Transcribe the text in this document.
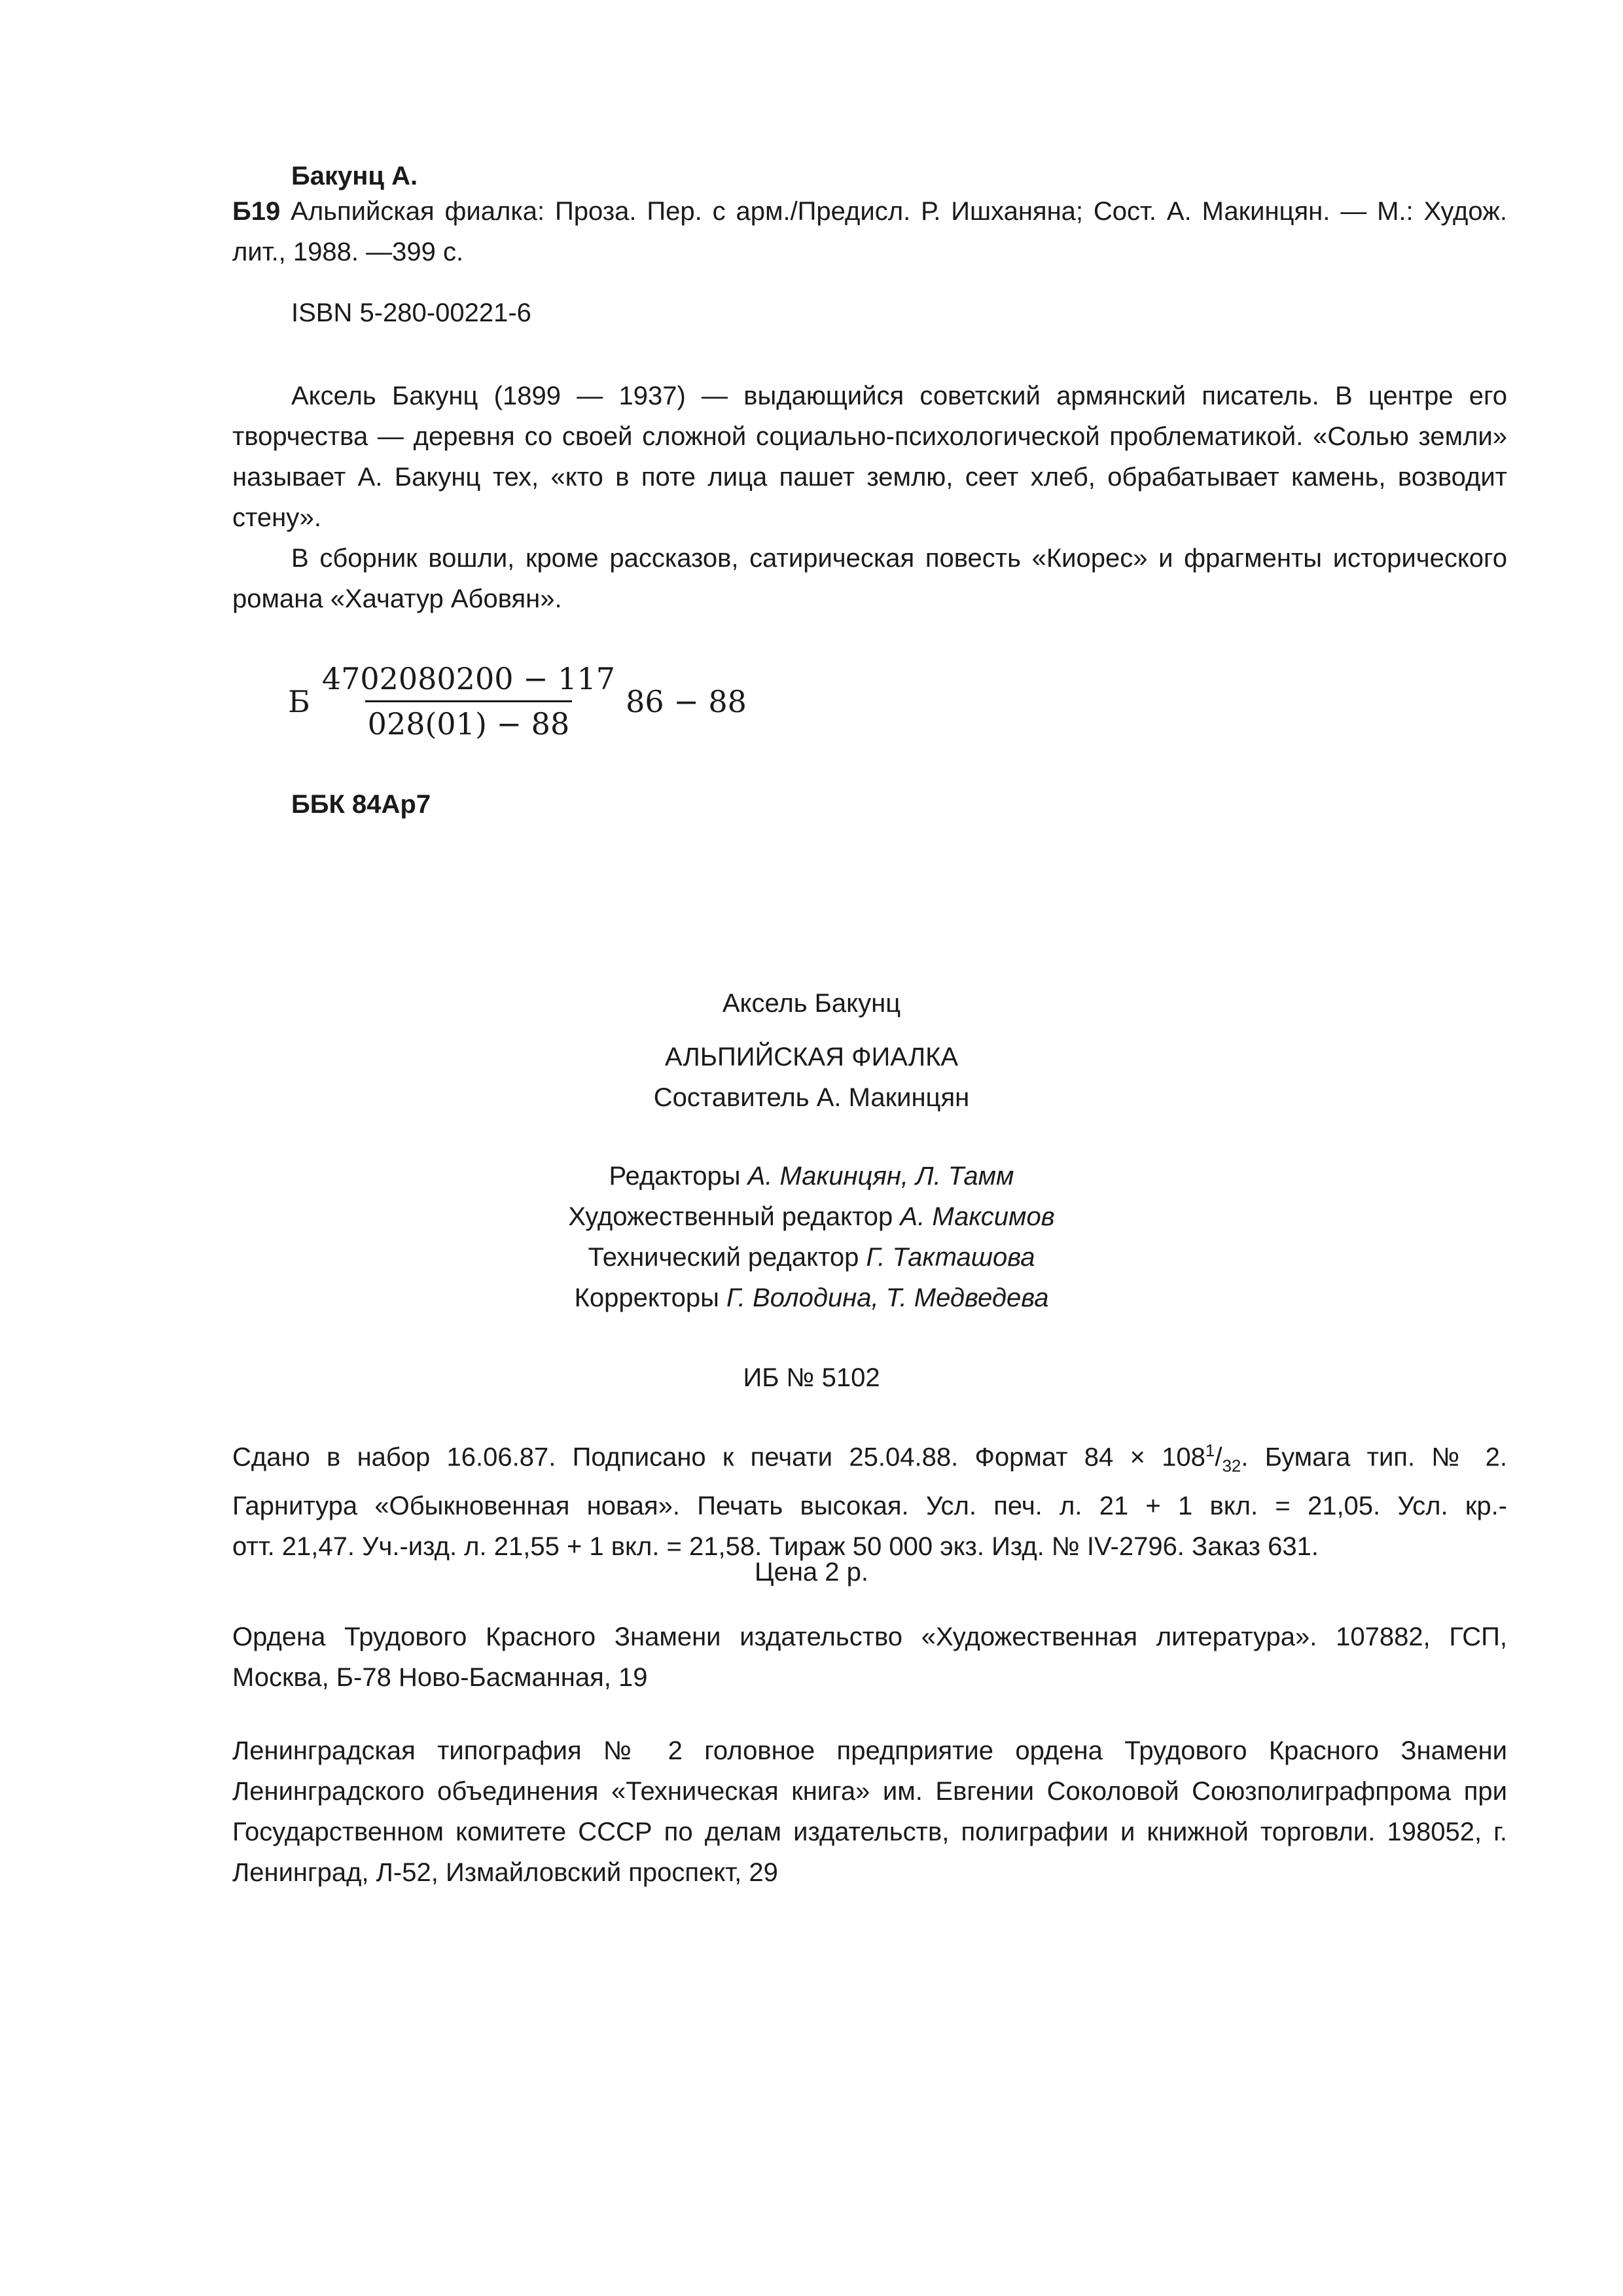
Бакунц А.

Б19 Альпийская фиалка: Проза. Пер. с арм./Предисл. Р. Ишханяна; Сост. А. Макинцян. — М.: Худож. лит., 1988. —399 с.

ISBN 5-280-00221-6

Аксель Бакунц (1899 — 1937) — выдающийся советский армянский писатель. В центре его творчества — деревня со своей сложной социально-психологической проблематикой. «Солью земли» называет А. Бакунц тех, «кто в поте лица пашет землю, сеет хлеб, обрабатывает камень, возводит стену».

В сборник вошли, кроме рассказов, сатирическая повесть «Киорес» и фрагменты исторического романа «Хачатур Абовян».

Б $\frac{4702080200 - 117}{028(01) - 88} 86 - 88$

ББК 84Ар7

Аксель Бакунц
АЛЬПИЙСКАЯ ФИАЛКА
Составитель А. Макинцян
Редакторы А. Макинцян, Л. Тамм
Художественный редактор А. Максимов
Технический редактор Г. Такташова
Корректоры Г. Володина, Т. Медведева
ИБ № 5102
Сдано в набор 16.06.87. Подписано к печати 25.04.88. Формат $84 \times 108^1/_{32}$. Бумага тип. № 2.
Гарнитура «Обыкновенная новая». Печать высокая. Усл. печ. л. 21 + 1 вкл. = 21,05. Усл. кр.-
отт. 21,47. Уч.-изд. л. 21,55 + 1 вкл. = 21,58. Тираж 50 000 экз. Изд. № IV-2796. Заказ 631.

Цена 2 р.

Ордена Трудового Красного Знамени издательство «Художественная литература». 107882, ГСП, Москва, Б-78 Ново-Басманная, 19

Ленинградская типография № 2 головное предприятие ордена Трудового Красного Знамени Ленинградского объединения «Техническая книга» им. Евгении Соколовой Союзполиграфпрома при Государственном комитете СССР по делам издательств, полиграфии и книжной торговли. 198052, г. Ленинград, Л-52, Измайловский проспект, 29
